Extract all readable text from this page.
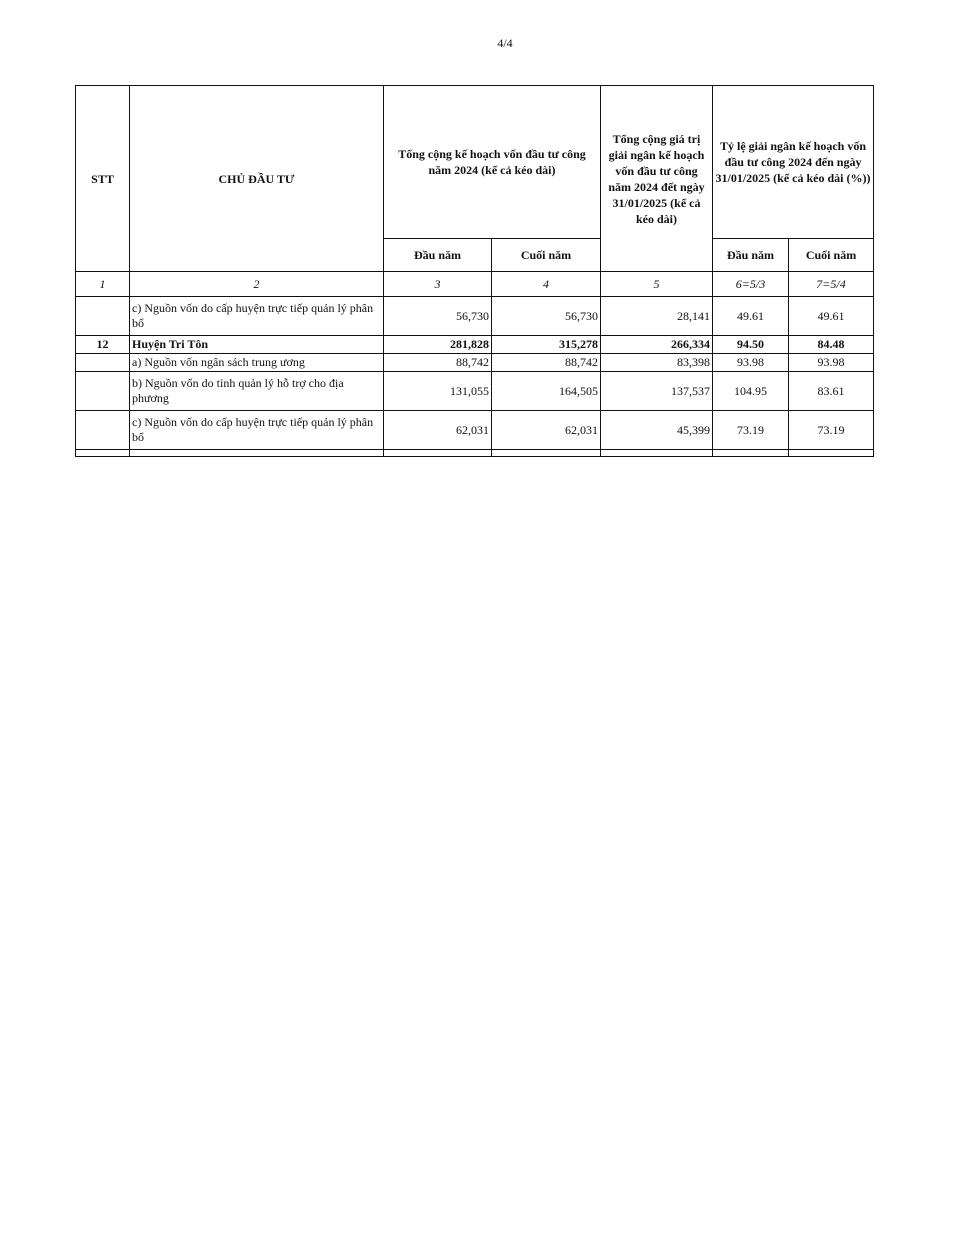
4/4
STT	CHỦ ĐẦU TƯ	Tổng cộng kế hoạch vốn đầu tư công năm 2024 (kể cả kéo dài)		Tổng cộng giá trị giải ngân kế hoạch vốn đầu tư công năm 2024 đết ngày 31/01/2025 (kể cả kéo dài)	Tỷ lệ giải ngân kế hoạch vốn đầu tư công 2024 đến ngày 31/01/2025 (kể cả kéo dài (%))	
		Đầu năm	Cuối năm		Đầu năm	Cuối năm
1	2	3	4	5	6=5/3	7=5/4
	c) Nguồn vốn do cấp huyện trực tiếp quản lý phân bổ	56,730	56,730	28,141	49.61	49.61
12	Huyện Tri Tôn	281,828	315,278	266,334	94.50	84.48
	a) Nguồn vốn ngân sách trung ương	88,742	88,742	83,398	93.98	93.98
	b) Nguồn vốn do tỉnh quản lý hỗ trợ cho địa phương	131,055	164,505	137,537	104.95	83.61
	c) Nguồn vốn do cấp huyện trực tiếp quản lý phân bổ	62,031	62,031	45,399	73.19	73.19
